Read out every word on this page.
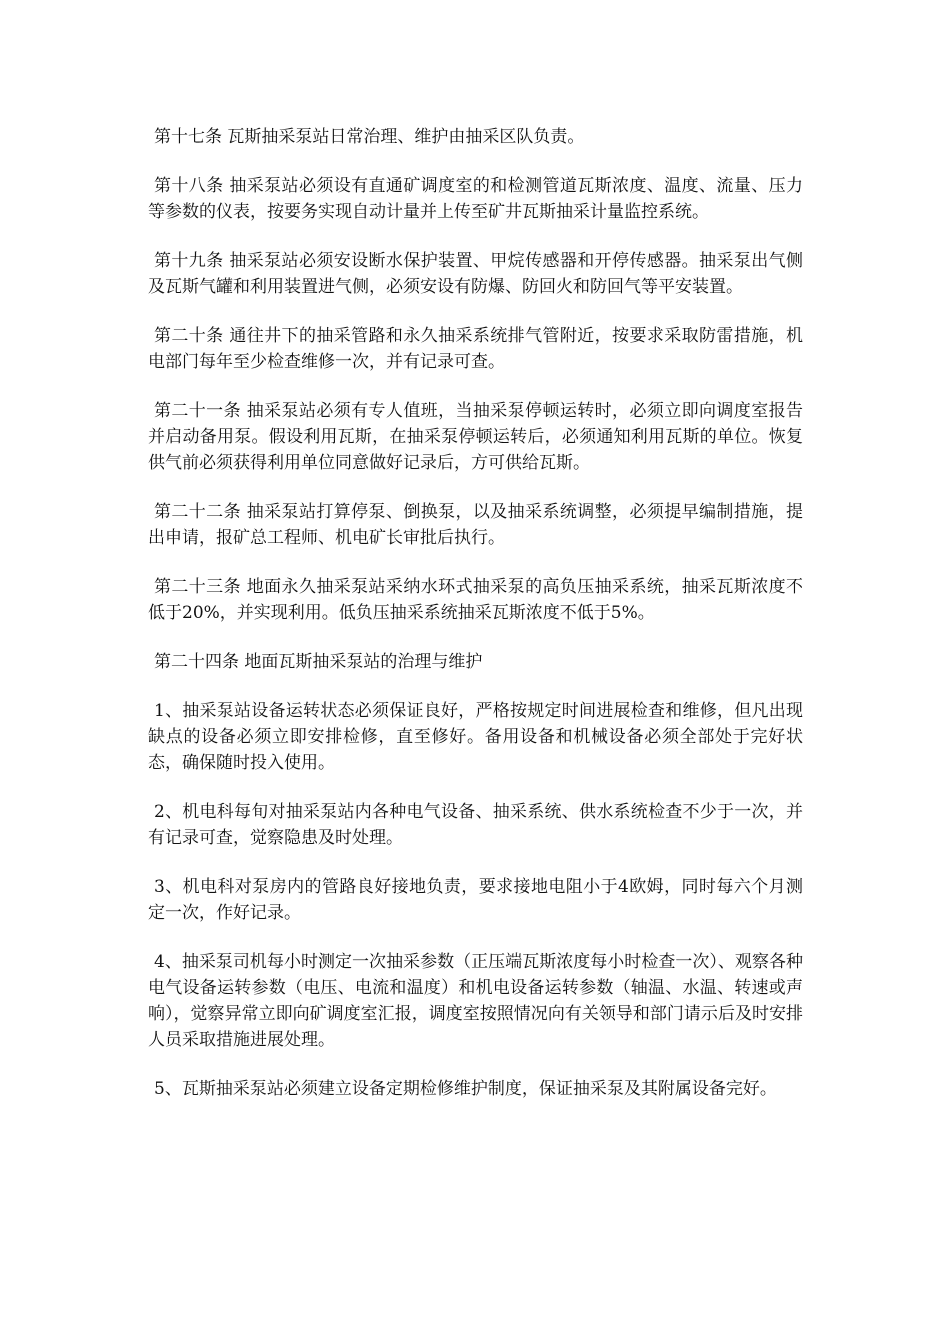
第十七条 瓦斯抽采泵站日常治理、维护由抽采区队负责。

第十八条 抽采泵站必须设有直通矿调度室的和检测管道瓦斯浓度、温度、流量、压力等参数的仪表，按要务实现自动计量并上传至矿井瓦斯抽采计量监控系统。

第十九条 抽采泵站必须安设断水保护装置、甲烷传感器和开停传感器。抽采泵出气侧及瓦斯气罐和利用装置进气侧，必须安设有防爆、防回火和防回气等平安装置。

第二十条 通往井下的抽采管路和永久抽采系统排气管附近，按要求采取防雷措施，机电部门每年至少检查维修一次，并有记录可查。

第二十一条 抽采泵站必须有专人值班，当抽采泵停顿运转时，必须立即向调度室报告并启动备用泵。假设利用瓦斯，在抽采泵停顿运转后，必须通知利用瓦斯的单位。恢复供气前必须获得利用单位同意做好记录后，方可供给瓦斯。

第二十二条 抽采泵站打算停泵、倒换泵，以及抽采系统调整，必须提早编制措施，提出申请，报矿总工程师、机电矿长审批后执行。

第二十三条 地面永久抽采泵站采纳水环式抽采泵的高负压抽采系统，抽采瓦斯浓度不低于20%，并实现利用。低负压抽采系统抽采瓦斯浓度不低于5%。

第二十四条 地面瓦斯抽采泵站的治理与维护

1、抽采泵站设备运转状态必须保证良好，严格按规定时间进展检查和维修，但凡出现缺点的设备必须立即安排检修，直至修好。备用设备和机械设备必须全部处于完好状态，确保随时投入使用。

2、机电科每旬对抽采泵站内各种电气设备、抽采系统、供水系统检查不少于一次，并有记录可查，觉察隐患及时处理。

3、机电科对泵房内的管路良好接地负责，要求接地电阻小于4欧姆，同时每六个月测定一次，作好记录。

4、抽采泵司机每小时测定一次抽采参数（正压端瓦斯浓度每小时检查一次）、观察各种电气设备运转参数（电压、电流和温度）和机电设备运转参数（轴温、水温、转速或声响），觉察异常立即向矿调度室汇报，调度室按照情况向有关领导和部门请示后及时安排人员采取措施进展处理。

5、瓦斯抽采泵站必须建立设备定期检修维护制度，保证抽采泵及其附属设备完好。
